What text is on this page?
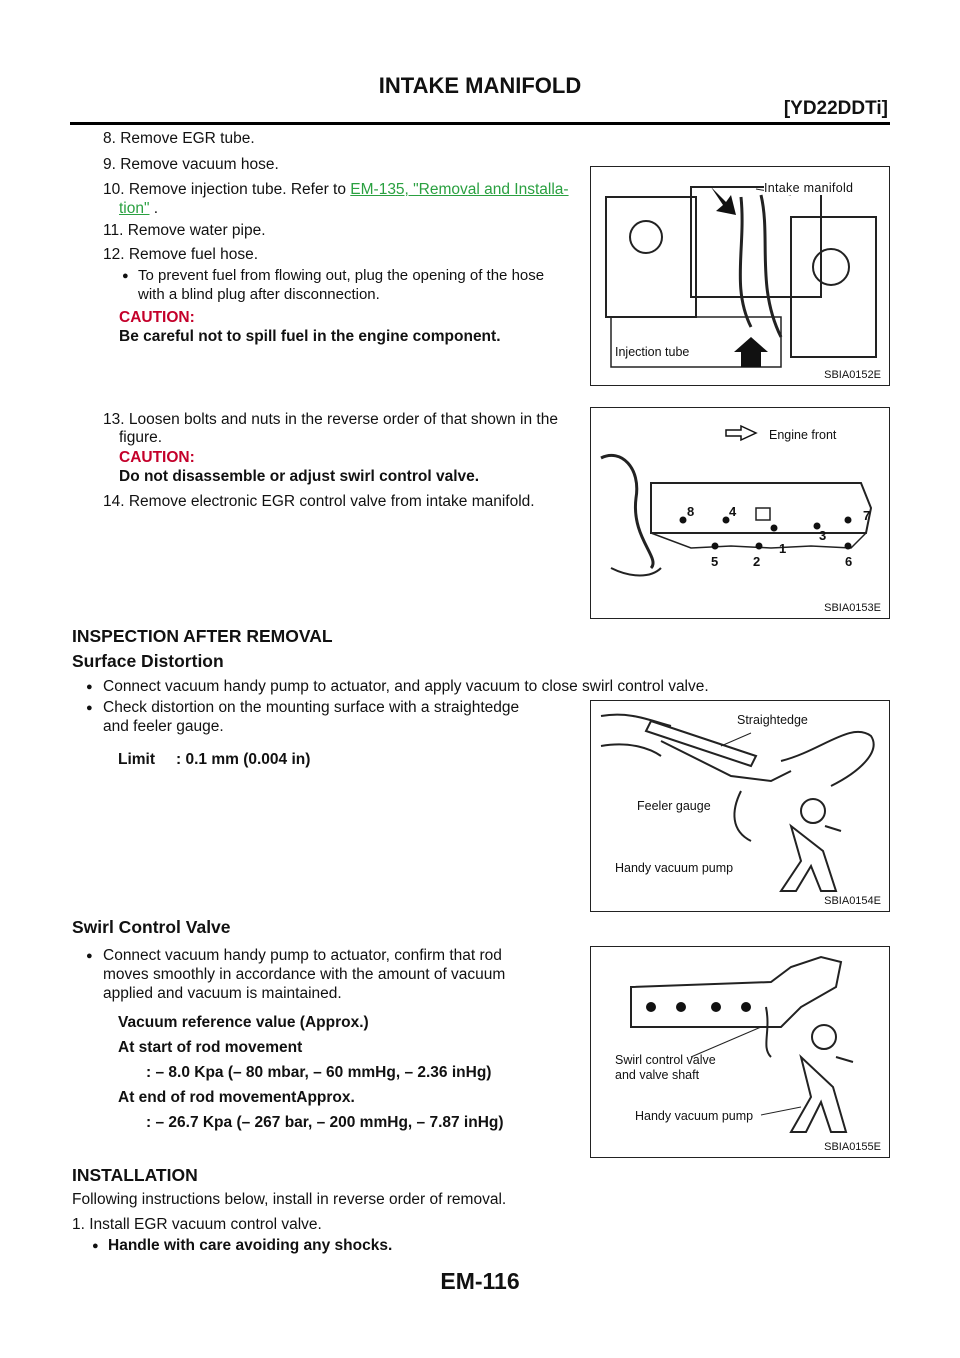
INTAKE MANIFOLD
[YD22DDTi]
8. Remove EGR tube.
9. Remove vacuum hose.
10. Remove injection tube. Refer to EM-135, "Removal and Installa-
tion" .
11. Remove water pipe.
12. Remove fuel hose.
● To prevent fuel from flowing out, plug the opening of the hose
with a blind plug after disconnection.
CAUTION:
Be careful not to spill fuel in the engine component.
Intake manifold
Injection tube
SBIA0152E
13. Loosen bolts and nuts in the reverse order of that shown in the
figure.
CAUTION:
Do not disassemble or adjust swirl control valve.
14. Remove electronic EGR control valve from intake manifold.
Engine front
8	4	7
3
1
5	2	6
SBIA0153E
INSPECTION AFTER REMOVAL
Surface Distortion
● Connect vacuum handy pump to actuator, and apply vacuum to close swirl control valve.
● Check distortion on the mounting surface with a straightedge
and feeler gauge.
Limit : 0.1 mm (0.004 in)
Straightedge
Feeler gauge
Handy vacuum pump
SBIA0154E
Swirl Control Valve
● Connect vacuum handy pump to actuator, confirm that rod
moves smoothly in accordance with the amount of vacuum
applied and vacuum is maintained.
Vacuum reference value (Approx.)
At start of rod movement
: – 8.0 Kpa (– 80 mbar, – 60 mmHg, – 2.36 inHg)
At end of rod movementApprox.
: – 26.7 Kpa (– 267 bar, – 200 mmHg, – 7.87 inHg)
Swirl control valve
and valve shaft
Handy vacuum pump
SBIA0155E
INSTALLATION
Following instructions below, install in reverse order of removal.
1. Install EGR vacuum control valve.
● Handle with care avoiding any shocks.
EM-116
